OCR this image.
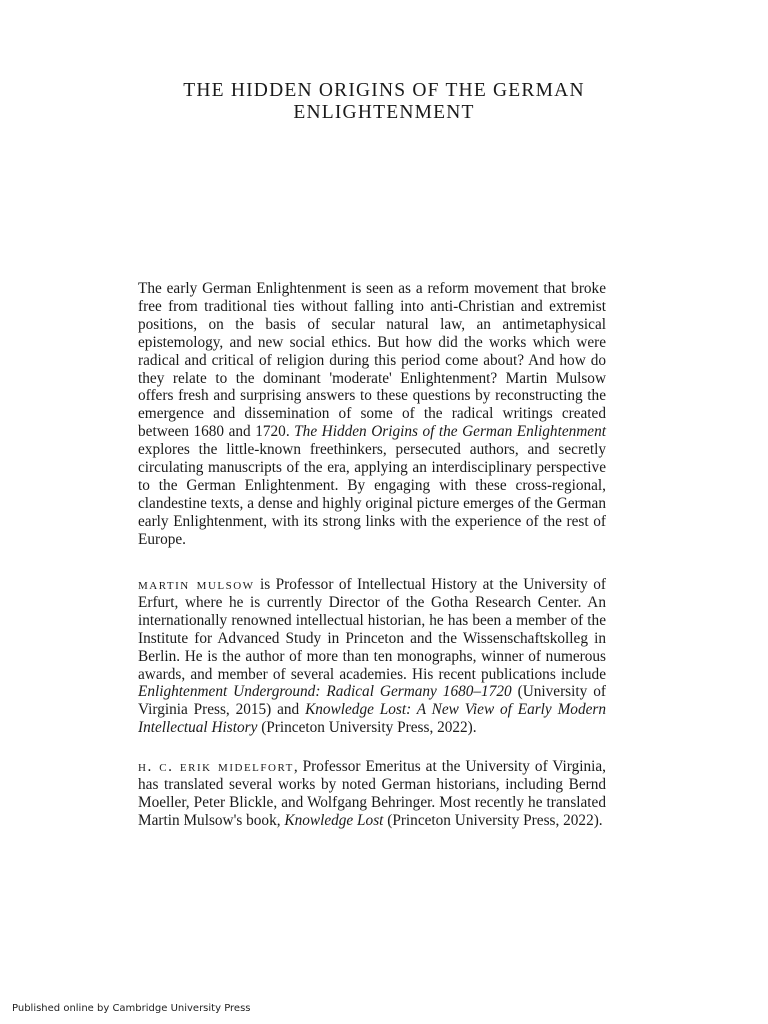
THE HIDDEN ORIGINS OF THE GERMAN
ENLIGHTENMENT

The early German Enlightenment is seen as a reform movement that broke free from traditional ties without falling into anti-Christian and extremist positions, on the basis of secular natural law, an antimetaphysical epistemology, and new social ethics. But how did the works which were radical and critical of religion during this period come about? And how do they relate to the dominant 'moderate' Enlightenment? Martin Mulsow offers fresh and surprising answers to these questions by reconstructing the emergence and dissemination of some of the radical writings created between 1680 and 1720. The Hidden Origins of the German Enlightenment explores the little-known freethinkers, persecuted authors, and secretly circulating manuscripts of the era, applying an interdisciplinary perspective to the German Enlightenment. By engaging with these cross-regional, clandestine texts, a dense and highly original picture emerges of the German early Enlightenment, with its strong links with the experience of the rest of Europe.

martin mulsow is Professor of Intellectual History at the University of Erfurt, where he is currently Director of the Gotha Research Center. An internationally renowned intellectual historian, he has been a member of the Institute for Advanced Study in Princeton and the Wissenschaftskolleg in Berlin. He is the author of more than ten monographs, winner of numerous awards, and member of several academies. His recent publications include Enlightenment Underground: Radical Germany 1680–1720 (University of Virginia Press, 2015) and Knowledge Lost: A New View of Early Modern Intellectual History (Princeton University Press, 2022).

h. c. erik midelfort, Professor Emeritus at the University of Virginia, has translated several works by noted German historians, including Bernd Moeller, Peter Blickle, and Wolfgang Behringer. Most recently he translated Martin Mulsow's book, Knowledge Lost (Princeton University Press, 2022).

Published online by Cambridge University Press
